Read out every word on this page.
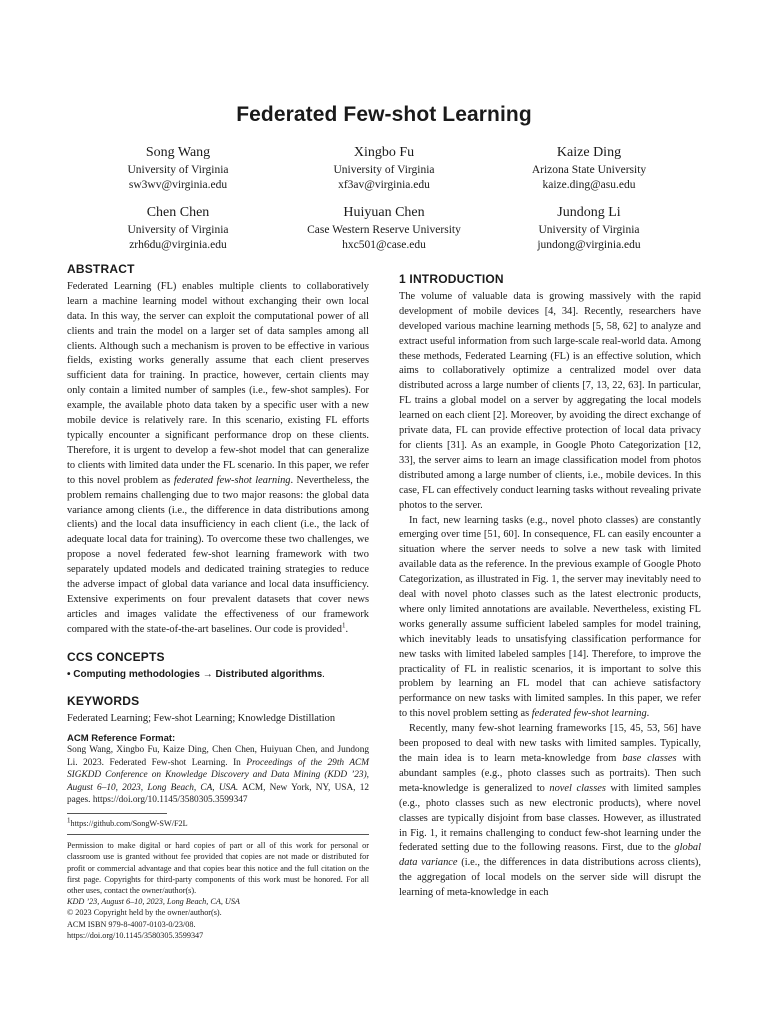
Federated Few-shot Learning
Song Wang
University of Virginia
sw3wv@virginia.edu
Xingbo Fu
University of Virginia
xf3av@virginia.edu
Kaize Ding
Arizona State University
kaize.ding@asu.edu
Chen Chen
University of Virginia
zrh6du@virginia.edu
Huiyuan Chen
Case Western Reserve University
hxc501@case.edu
Jundong Li
University of Virginia
jundong@virginia.edu
ABSTRACT

Federated Learning (FL) enables multiple clients to collaboratively learn a machine learning model without exchanging their own local data. In this way, the server can exploit the computational power of all clients and train the model on a larger set of data samples among all clients. Although such a mechanism is proven to be effective in various fields, existing works generally assume that each client preserves sufficient data for training. In practice, however, certain clients may only contain a limited number of samples (i.e., few-shot samples). For example, the available photo data taken by a specific user with a new mobile device is relatively rare. In this scenario, existing FL efforts typically encounter a significant performance drop on these clients. Therefore, it is urgent to develop a few-shot model that can generalize to clients with limited data under the FL scenario. In this paper, we refer to this novel problem as federated few-shot learning. Nevertheless, the problem remains challenging due to two major reasons: the global data variance among clients (i.e., the difference in data distributions among clients) and the local data insufficiency in each client (i.e., the lack of adequate local data for training). To overcome these two challenges, we propose a novel federated few-shot learning framework with two separately updated models and dedicated training strategies to reduce the adverse impact of global data variance and local data insufficiency. Extensive experiments on four prevalent datasets that cover news articles and images validate the effectiveness of our framework compared with the state-of-the-art baselines. Our code is provided$^1$.

CCS CONCEPTS

• Computing methodologies → Distributed algorithms.

KEYWORDS

Federated Learning; Few-shot Learning; Knowledge Distillation

ACM Reference Format:

Song Wang, Xingbo Fu, Kaize Ding, Chen Chen, Huiyuan Chen, and Jundong Li. 2023. Federated Few-shot Learning. In Proceedings of the 29th ACM SIGKDD Conference on Knowledge Discovery and Data Mining (KDD ’23), August 6–10, 2023, Long Beach, CA, USA. ACM, New York, NY, USA, 12 pages. https://doi.org/10.1145/3580305.3599347

$^1$https://github.com/SongW-SW/F2L

Permission to make digital or hard copies of part or all of this work for personal or classroom use is granted without fee provided that copies are not made or distributed for profit or commercial advantage and that copies bear this notice and the full citation on the first page. Copyrights for third-party components of this work must be honored. For all other uses, contact the owner/author(s).

KDD ’23, August 6–10, 2023, Long Beach, CA, USA

© 2023 Copyright held by the owner/author(s).

ACM ISBN 979-8-4007-0103-0/23/08.

https://doi.org/10.1145/3580305.3599347

1 INTRODUCTION

The volume of valuable data is growing massively with the rapid development of mobile devices [4, 34]. Recently, researchers have developed various machine learning methods [5, 58, 62] to analyze and extract useful information from such large-scale real-world data. Among these methods, Federated Learning (FL) is an effective solution, which aims to collaboratively optimize a centralized model over data distributed across a large number of clients [7, 13, 22, 63]. In particular, FL trains a global model on a server by aggregating the local models learned on each client [2]. Moreover, by avoiding the direct exchange of private data, FL can provide effective protection of local data privacy for clients [31]. As an example, in Google Photo Categorization [12, 33], the server aims to learn an image classification model from photos distributed among a large number of clients, i.e., mobile devices. In this case, FL can effectively conduct learning tasks without revealing private photos to the server.

In fact, new learning tasks (e.g., novel photo classes) are constantly emerging over time [51, 60]. In consequence, FL can easily encounter a situation where the server needs to solve a new task with limited available data as the reference. In the previous example of Google Photo Categorization, as illustrated in Fig. 1, the server may inevitably need to deal with novel photo classes such as the latest electronic products, where only limited annotations are available. Nevertheless, existing FL works generally assume sufficient labeled samples for model training, which inevitably leads to unsatisfying classification performance for new tasks with limited labeled samples [14]. Therefore, to improve the practicality of FL in realistic scenarios, it is important to solve this problem by learning an FL model that can achieve satisfactory performance on new tasks with limited samples. In this paper, we refer to this novel problem setting as federated few-shot learning.

Recently, many few-shot learning frameworks [15, 45, 53, 56] have been proposed to deal with new tasks with limited samples. Typically, the main idea is to learn meta-knowledge from base classes with abundant samples (e.g., photo classes such as portraits). Then such meta-knowledge is generalized to novel classes with limited samples (e.g., photo classes such as new electronic products), where novel classes are typically disjoint from base classes. However, as illustrated in Fig. 1, it remains challenging to conduct few-shot learning under the federated setting due to the following reasons. First, due to the global data variance (i.e., the differences in data distributions across clients), the aggregation of local models on the server side will disrupt the learning of meta-knowledge in each
